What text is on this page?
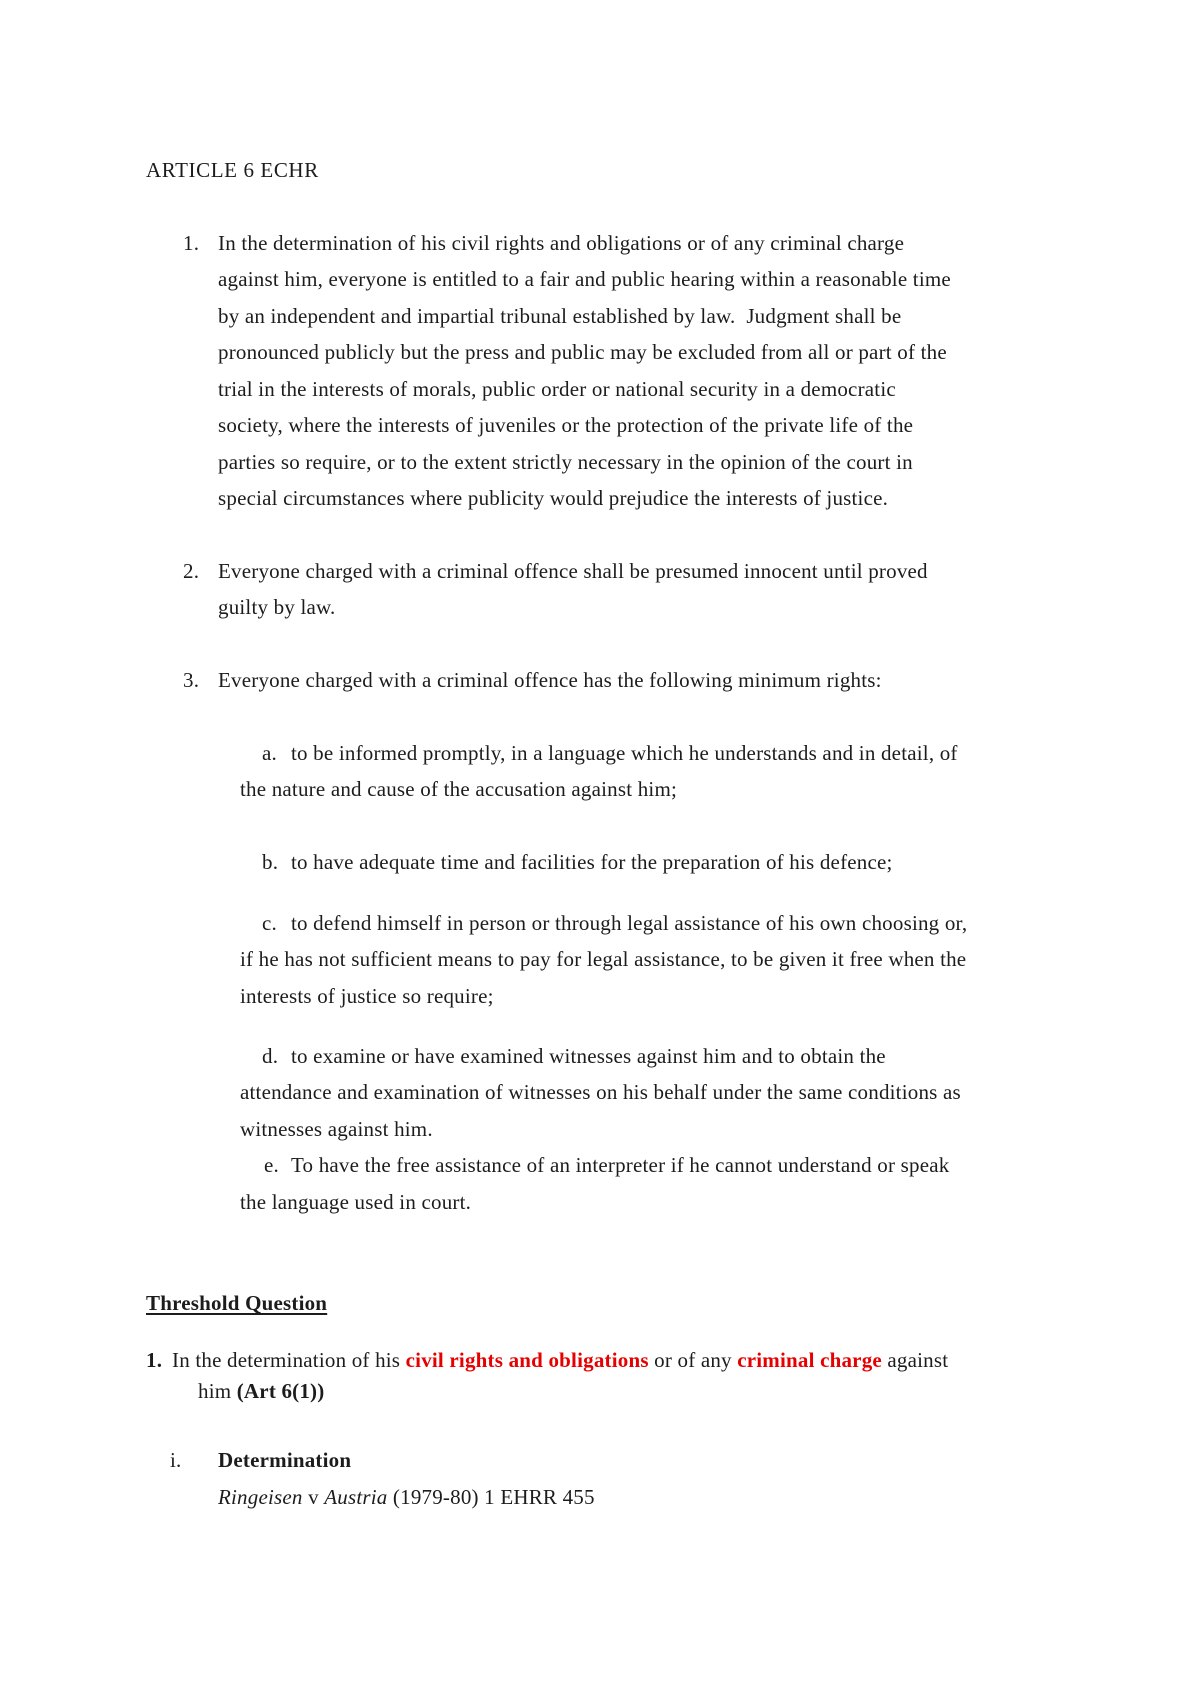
ARTICLE 6 ECHR
1. In the determination of his civil rights and obligations or of any criminal charge
against him, everyone is entitled to a fair and public hearing within a reasonable time
by an independent and impartial tribunal established by law.  Judgment shall be
pronounced publicly but the press and public may be excluded from all or part of the
trial in the interests of morals, public order or national security in a democratic
society, where the interests of juveniles or the protection of the private life of the
parties so require, or to the extent strictly necessary in the opinion of the court in
special circumstances where publicity would prejudice the interests of justice.
2. Everyone charged with a criminal offence shall be presumed innocent until proved
guilty by law.
3. Everyone charged with a criminal offence has the following minimum rights:
a. to be informed promptly, in a language which he understands and in detail, of
the nature and cause of the accusation against him;
b. to have adequate time and facilities for the preparation of his defence;
c. to defend himself in person or through legal assistance of his own choosing or,
if he has not sufficient means to pay for legal assistance, to be given it free when the
interests of justice so require;
d. to examine or have examined witnesses against him and to obtain the
attendance and examination of witnesses on his behalf under the same conditions as
witnesses against him.
e. To have the free assistance of an interpreter if he cannot understand or speak
the language used in court.
Threshold Question
1. In the determination of his civil rights and obligations or of any criminal charge against
him (Art 6(1))
i. Determination
Ringeisen v Austria (1979-80) 1 EHRR 455
